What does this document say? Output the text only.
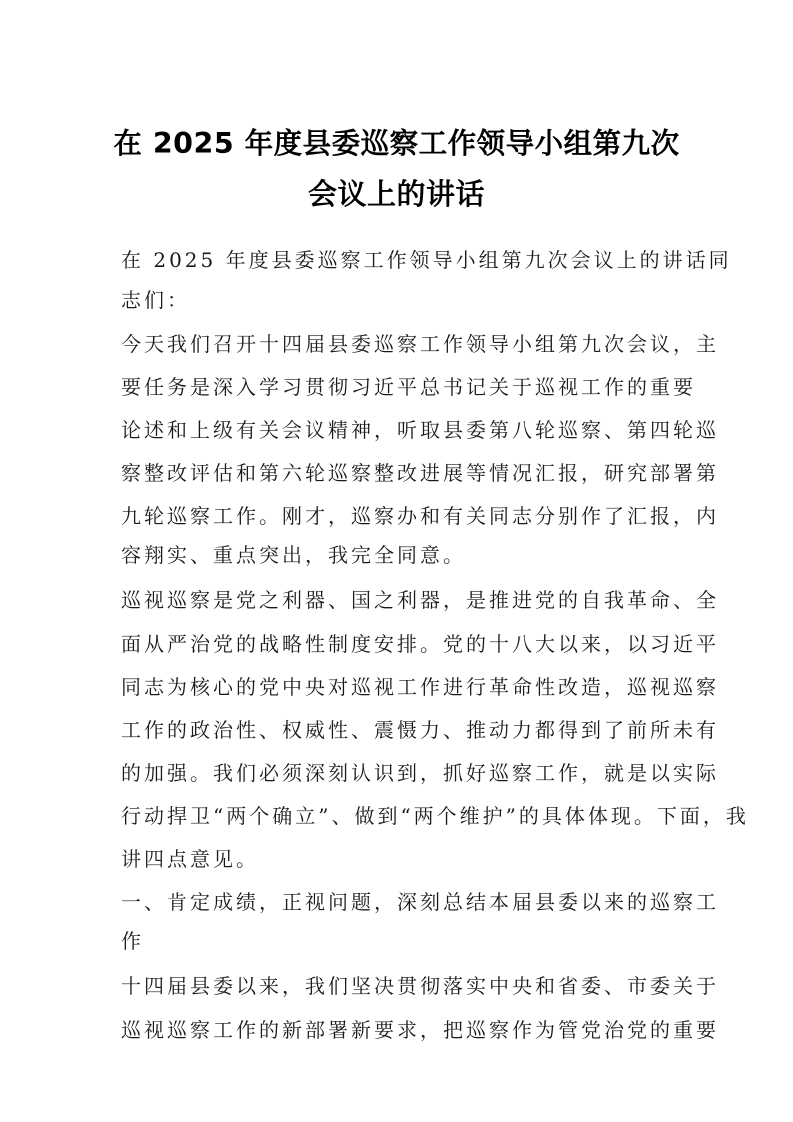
在 2025 年度县委巡察工作领导小组第九次
会议上的讲话
在 2025 年度县委巡察工作领导小组第九次会议上的讲话同
志们：
今天我们召开十四届县委巡察工作领导小组第九次会议，主
要任务是深入学习贯彻习近平总书记关于巡视工作的重要
论述和上级有关会议精神，听取县委第八轮巡察、第四轮巡
察整改评估和第六轮巡察整改进展等情况汇报，研究部署第
九轮巡察工作。刚才，巡察办和有关同志分别作了汇报，内
容翔实、重点突出，我完全同意。
巡视巡察是党之利器、国之利器，是推进党的自我革命、全
面从严治党的战略性制度安排。党的十八大以来，以习近平
同志为核心的党中央对巡视工作进行革命性改造，巡视巡察
工作的政治性、权威性、震慑力、推动力都得到了前所未有
的加强。我们必须深刻认识到，抓好巡察工作，就是以实际
行动捍卫“两个确立”、做到“两个维护”的具体体现。下面，我
讲四点意见。
一、肯定成绩，正视问题，深刻总结本届县委以来的巡察工
作
十四届县委以来，我们坚决贯彻落实中央和省委、市委关于
巡视巡察工作的新部署新要求，把巡察作为管党治党的重要
